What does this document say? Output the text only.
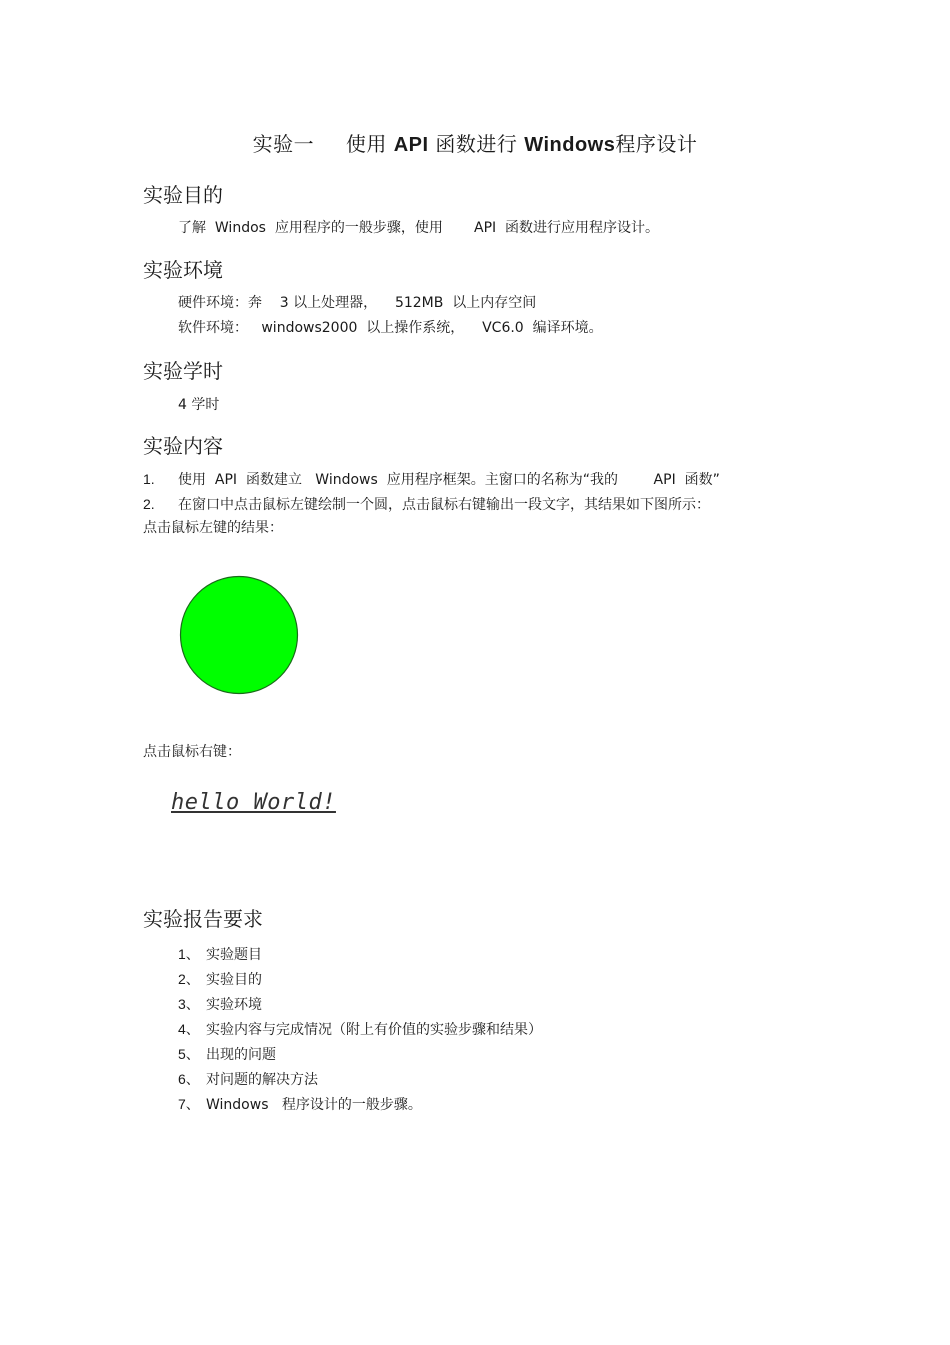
实验一 使用 API 函数进行 Windows程序设计
实验目的
了解  Windos  应用程序的一般步骤，使用       API  函数进行应用程序设计。
实验环境
硬件环境：奔    3 以上处理器，    512MB  以上内存空间
软件环境：   windows2000  以上操作系统，    VC6.0  编译环境。
实验学时
4 学时
实验内容
1. 使用  API  函数建立   Windows  应用程序框架。主窗口的名称为“我的        API  函数”
2. 在窗口中点击鼠标左键绘制一个圆，点击鼠标右键输出一段文字，其结果如下图所示：
点击鼠标左键的结果：
点击鼠标右键：
hello World!
实验报告要求
1、 实验题目
2、 实验目的
3、 实验环境
4、 实验内容与完成情况（附上有价值的实验步骤和结果）
5、 出现的问题
6、 对问题的解决方法
7、 Windows   程序设计的一般步骤。
